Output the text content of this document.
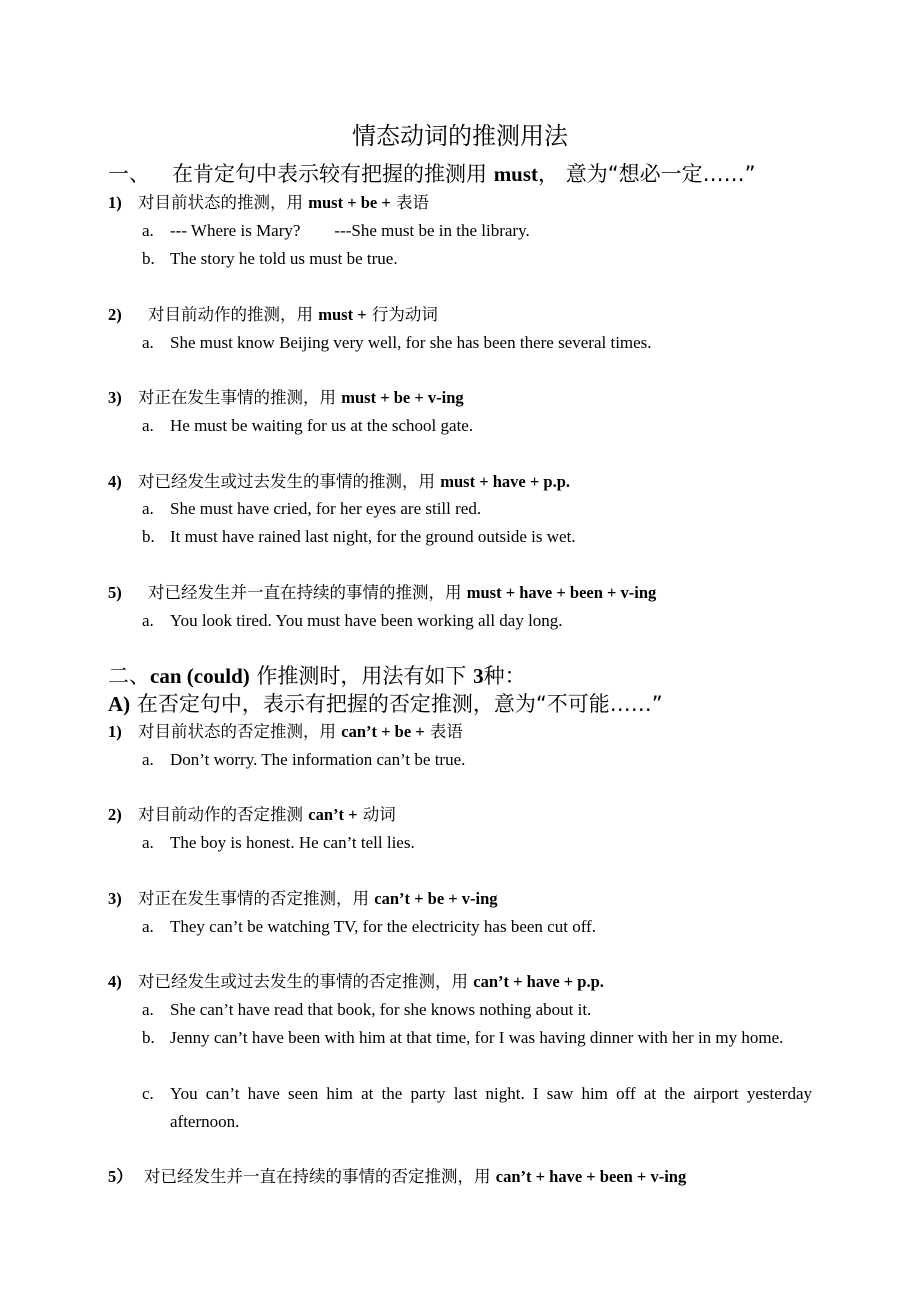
情态动词的推测用法
一、 在肯定句中表示较有把握的推测用 must， 意为“想必一定……”
1) 对目前状态的推测，用 must + be + 表语
a. --- Where is Mary?        ---She must be in the library.
b. The story he told us must be true.
2) 对目前动作的推测，用 must + 行为动词
a. She must know Beijing very well, for she has been there several times.
3) 对正在发生事情的推测，用 must + be + v-ing
a. He must be waiting for us at the school gate.
4) 对已经发生或过去发生的事情的推测，用 must + have + p.p.
a. She must have cried, for her eyes are still red.
b. It must have rained last night, for the ground outside is wet.
5) 对已经发生并一直在持续的事情的推测，用 must + have + been + v-ing
a. You look tired. You must have been working all day long.
二、can (could) 作推测时，用法有如下 3种：
A) 在否定句中，表示有把握的否定推测，意为“不可能……”
1) 对目前状态的否定推测，用 can’t + be + 表语
a. Don’t worry. The information can’t be true.
2) 对目前动作的否定推测 can’t + 动词
a. The boy is honest. He can’t tell lies.
3) 对正在发生事情的否定推测，用 can’t + be + v-ing
a. They can’t be watching TV, for the electricity has been cut off.
4) 对已经发生或过去发生的事情的否定推测，用 can’t + have + p.p.
a. She can’t have read that book, for she knows nothing about it.
b. Jenny can’t have been with him at that time, for I was having dinner with her in my home.
c. You can’t have seen him at the party last night. I saw him off at the airport yesterday afternoon.
5） 对已经发生并一直在持续的事情的否定推测，用 can’t + have + been + v-ing
